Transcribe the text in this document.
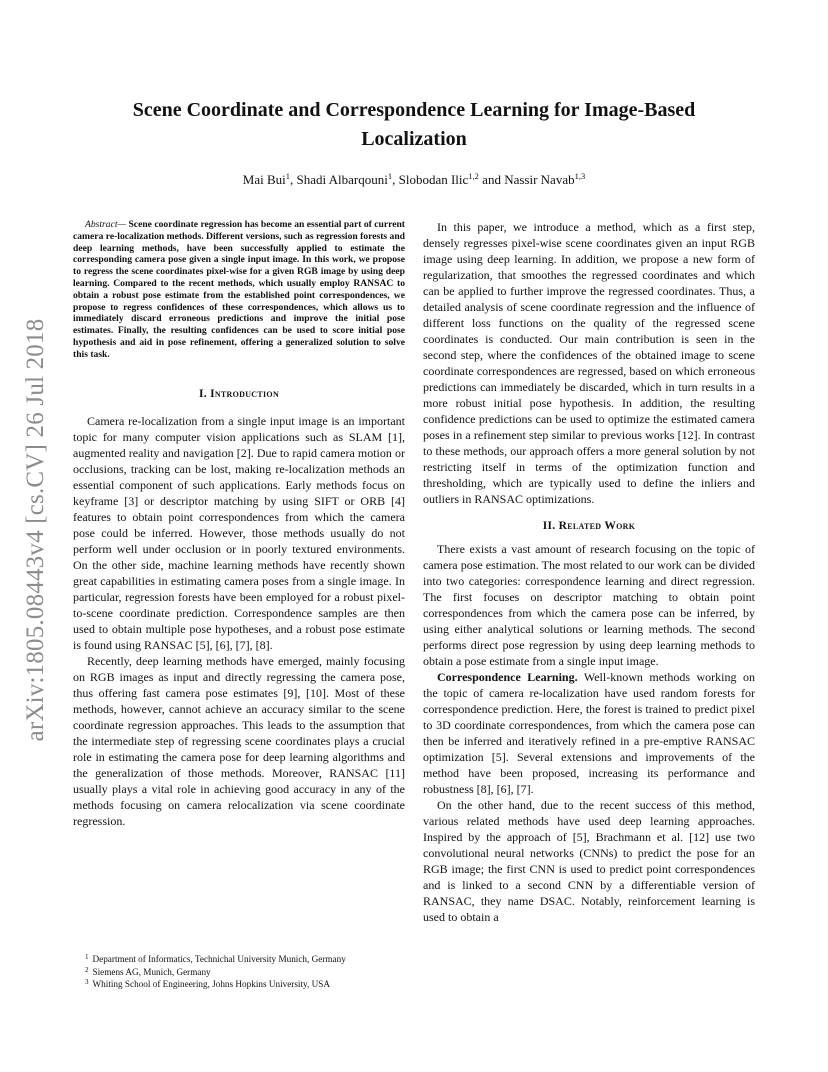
arXiv:1805.08443v4 [cs.CV] 26 Jul 2018
Scene Coordinate and Correspondence Learning for Image-Based Localization
Mai Bui$^1$, Shadi Albarqouni$^1$, Slobodan Ilic$^{1,2}$ and Nassir Navab$^{1,3}$

Abstract— Scene coordinate regression has become an essential part of current camera re-localization methods. Different versions, such as regression forests and deep learning methods, have been successfully applied to estimate the corresponding camera pose given a single input image. In this work, we propose to regress the scene coordinates pixel-wise for a given RGB image by using deep learning. Compared to the recent methods, which usually employ RANSAC to obtain a robust pose estimate from the established point correspondences, we propose to regress confidences of these correspondences, which allows us to immediately discard erroneous predictions and improve the initial pose estimates. Finally, the resulting confidences can be used to score initial pose hypothesis and aid in pose refinement, offering a generalized solution to solve this task.

I. Introduction

Camera re-localization from a single input image is an important topic for many computer vision applications such as SLAM [1], augmented reality and navigation [2]. Due to rapid camera motion or occlusions, tracking can be lost, making re-localization methods an essential component of such applications. Early methods focus on keyframe [3] or descriptor matching by using SIFT or ORB [4] features to obtain point correspondences from which the camera pose could be inferred. However, those methods usually do not perform well under occlusion or in poorly textured environments. On the other side, machine learning methods have recently shown great capabilities in estimating camera poses from a single image. In particular, regression forests have been employed for a robust pixel-to-scene coordinate prediction. Correspondence samples are then used to obtain multiple pose hypotheses, and a robust pose estimate is found using RANSAC [5], [6], [7], [8].

Recently, deep learning methods have emerged, mainly focusing on RGB images as input and directly regressing the camera pose, thus offering fast camera pose estimates [9], [10]. Most of these methods, however, cannot achieve an accuracy similar to the scene coordinate regression approaches. This leads to the assumption that the intermediate step of regressing scene coordinates plays a crucial role in estimating the camera pose for deep learning algorithms and the generalization of those methods. Moreover, RANSAC [11] usually plays a vital role in achieving good accuracy in any of the methods focusing on camera relocalization via scene coordinate regression.

$^1$ Department of Informatics, Technichal University Munich, Germany
$^2$ Siemens AG, Munich, Germany
$^3$ Whiting School of Engineering, Johns Hopkins University, USA

In this paper, we introduce a method, which as a first step, densely regresses pixel-wise scene coordinates given an input RGB image using deep learning. In addition, we propose a new form of regularization, that smoothes the regressed coordinates and which can be applied to further improve the regressed coordinates. Thus, a detailed analysis of scene coordinate regression and the influence of different loss functions on the quality of the regressed scene coordinates is conducted. Our main contribution is seen in the second step, where the confidences of the obtained image to scene coordinate correspondences are regressed, based on which erroneous predictions can immediately be discarded, which in turn results in a more robust initial pose hypothesis. In addition, the resulting confidence predictions can be used to optimize the estimated camera poses in a refinement step similar to previous works [12]. In contrast to these methods, our approach offers a more general solution by not restricting itself in terms of the optimization function and thresholding, which are typically used to define the inliers and outliers in RANSAC optimizations.

II. Related Work

There exists a vast amount of research focusing on the topic of camera pose estimation. The most related to our work can be divided into two categories: correspondence learning and direct regression. The first focuses on descriptor matching to obtain point correspondences from which the camera pose can be inferred, by using either analytical solutions or learning methods. The second performs direct pose regression by using deep learning methods to obtain a pose estimate from a single input image.

Correspondence Learning. Well-known methods working on the topic of camera re-localization have used random forests for correspondence prediction. Here, the forest is trained to predict pixel to 3D coordinate correspondences, from which the camera pose can then be inferred and iteratively refined in a pre-emptive RANSAC optimization [5]. Several extensions and improvements of the method have been proposed, increasing its performance and robustness [8], [6], [7].

On the other hand, due to the recent success of this method, various related methods have used deep learning approaches. Inspired by the approach of [5], Brachmann et al. [12] use two convolutional neural networks (CNNs) to predict the pose for an RGB image; the first CNN is used to predict point correspondences and is linked to a second CNN by a differentiable version of RANSAC, they name DSAC. Notably, reinforcement learning is used to obtain a
